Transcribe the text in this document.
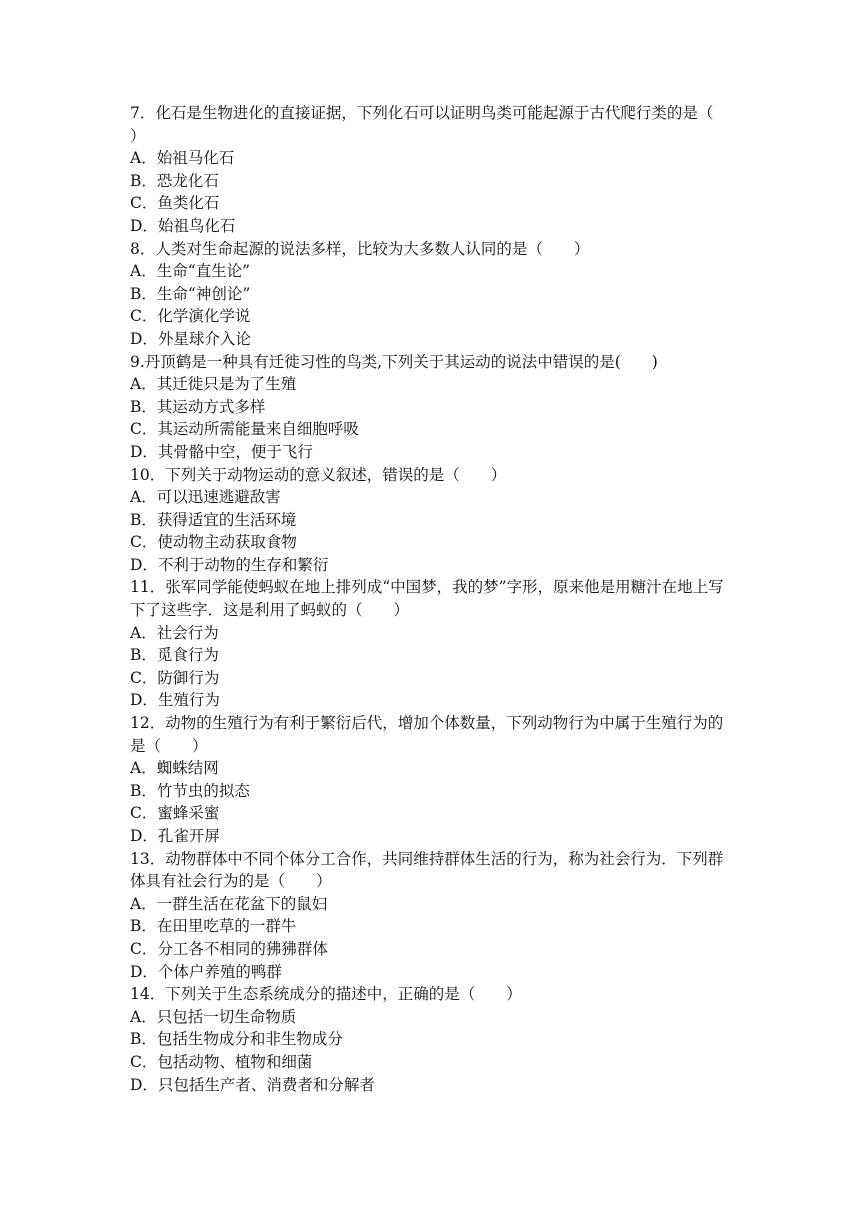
7．化石是生物进化的直接证据，下列化石可以证明鸟类可能起源于古代爬行类的是（　　）

A．始祖马化石

B．恐龙化石

C．鱼类化石

D．始祖鸟化石

8．人类对生命起源的说法多样，比较为大多数人认同的是（　　）

A．生命“直生论”

B．生命“神创论”

C．化学演化学说

D．外星球介入论

9.丹顶鹤是一种具有迁徙习性的鸟类,下列关于其运动的说法中错误的是(　　)

A．其迁徙只是为了生殖

B．其运动方式多样

C．其运动所需能量来自细胞呼吸

D．其骨骼中空，便于飞行

10．下列关于动物运动的意义叙述，错误的是（　　）

A．可以迅速逃避敌害

B．获得适宜的生活环境

C．使动物主动获取食物

D．不利于动物的生存和繁衍

11．张军同学能使蚂蚁在地上排列成“中国梦，我的梦”字形，原来他是用糖汁在地上写下了这些字．这是利用了蚂蚁的（　　）

A．社会行为

B．觅食行为

C．防御行为

D．生殖行为

12．动物的生殖行为有利于繁衍后代，增加个体数量，下列动物行为中属于生殖行为的是（　　）

A．蜘蛛结网

B．竹节虫的拟态

C．蜜蜂采蜜

D．孔雀开屏

13．动物群体中不同个体分工合作，共同维持群体生活的行为，称为社会行为．下列群体具有社会行为的是（　　）

A．一群生活在花盆下的鼠妇

B．在田里吃草的一群牛

C．分工各不相同的狒狒群体

D．个体户养殖的鸭群

14．下列关于生态系统成分的描述中，正确的是（　　）

A．只包括一切生命物质

B．包括生物成分和非生物成分

C．包括动物、植物和细菌

D．只包括生产者、消费者和分解者
